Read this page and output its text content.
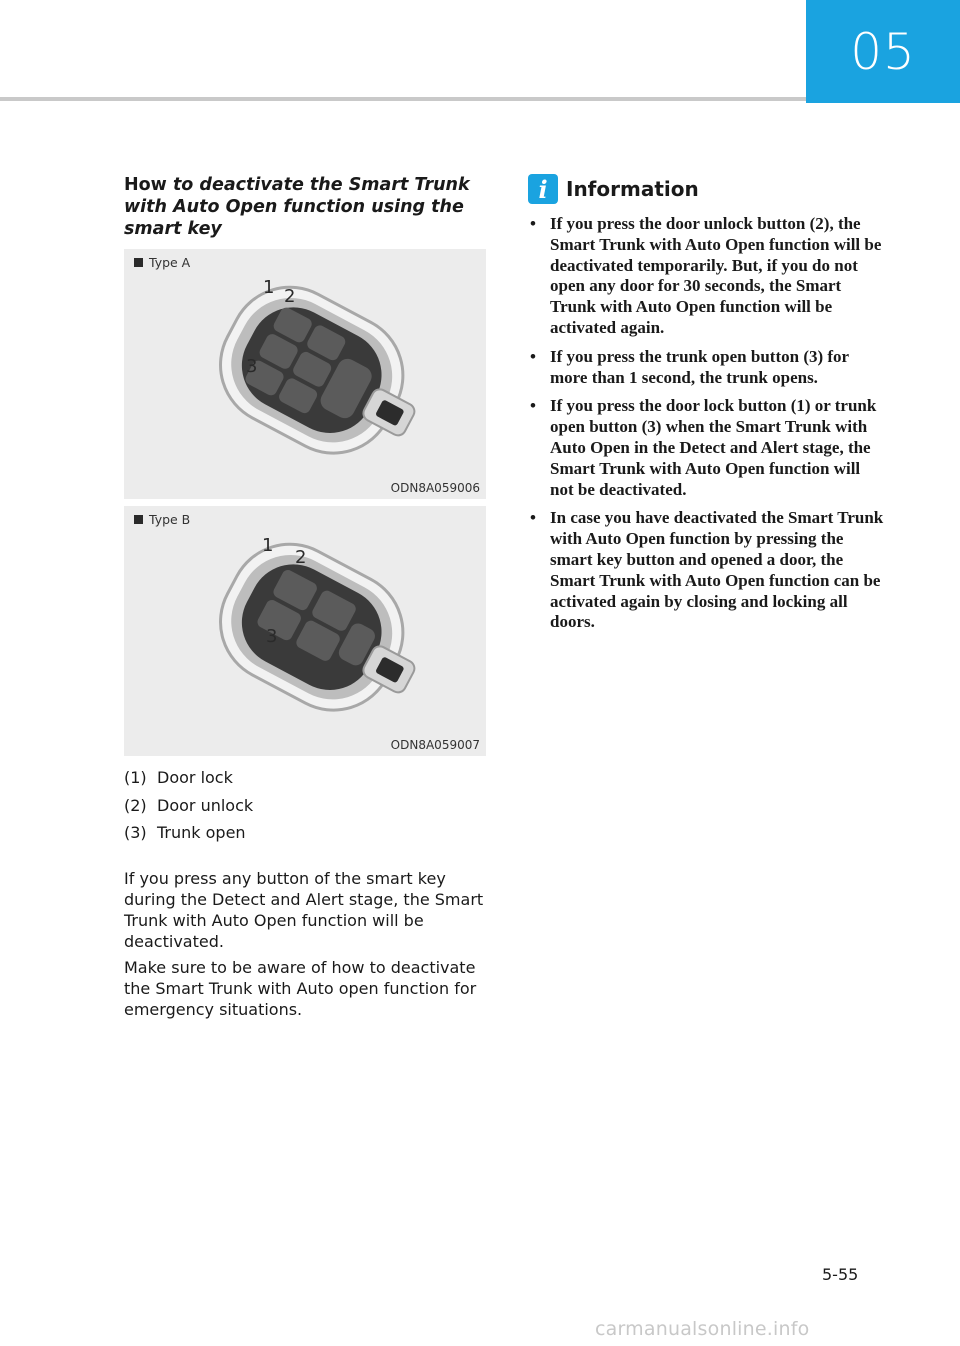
05
How to deactivate the Smart Trunk with Auto Open function using the smart key
1 2
3
Type A
ODN8A059006
1
2
3
Type B
ODN8A059007
(1) Door lock
(2) Door unlock
(3) Trunk open

If you press any button of the smart key during the Detect and Alert stage, the Smart Trunk with Auto Open function will be deactivated.

Make sure to be aware of how to deactivate the Smart Trunk with Auto open function for emergency situations.

i Information
• If you press the door unlock button (2), the Smart Trunk with Auto Open function will be deactivated temporarily. But, if you do not open any door for 30 seconds, the Smart Trunk with Auto Open function will be activated again.
• If you press the trunk open button (3) for more than 1 second, the trunk opens.
• If you press the door lock button (1) or trunk open button (3) when the Smart Trunk with Auto Open in the Detect and Alert stage, the Smart Trunk with Auto Open function will not be deactivated.
• In case you have deactivated the Smart Trunk with Auto Open function by pressing the smart key button and opened a door, the Smart Trunk with Auto Open function can be activated again by closing and locking all doors.
5-55
carmanualsonline.info
